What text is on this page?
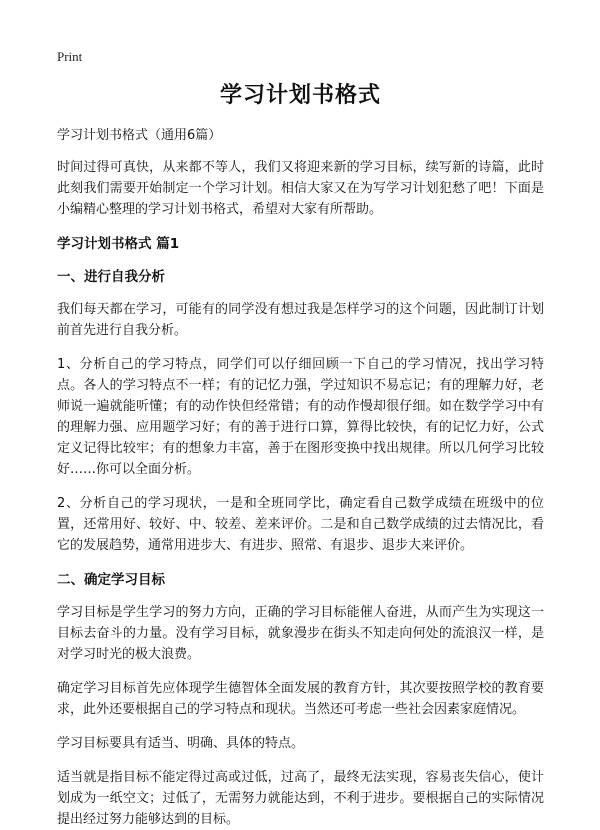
Print
学习计划书格式
学习计划书格式（通用6篇）

时间过得可真快，从来都不等人，我们又将迎来新的学习目标，续写新的诗篇，此时此刻我们需要开始制定一个学习计划。相信大家又在为写学习计划犯愁了吧！下面是小编精心整理的学习计划书格式，希望对大家有所帮助。

学习计划书格式 篇1
一、进行自我分析

我们每天都在学习，可能有的同学没有想过我是怎样学习的这个问题，因此制订计划前首先进行自我分析。

1、分析自己的学习特点，同学们可以仔细回顾一下自己的学习情况，找出学习特点。各人的学习特点不一样；有的记忆力强，学过知识不易忘记；有的理解力好，老师说一遍就能听懂；有的动作快但经常错；有的动作慢却很仔细。如在数学学习中有的理解力强、应用题学习好；有的善于进行口算，算得比较快，有的记忆力好，公式定义记得比较牢；有的想象力丰富，善于在图形变换中找出规律。所以几何学习比较好……你可以全面分析。

2、分析自己的学习现状，一是和全班同学比，确定看自己数学成绩在班级中的位置，还常用好、较好、中、较差、差来评价。二是和自己数学成绩的过去情况比，看它的发展趋势，通常用进步大、有进步、照常、有退步、退步大来评价。

二、确定学习目标

学习目标是学生学习的努力方向，正确的学习目标能催人奋进，从而产生为实现这一目标去奋斗的力量。没有学习目标，就象漫步在街头不知走向何处的流浪汉一样，是对学习时光的极大浪费。

确定学习目标首先应体现学生德智体全面发展的教育方针，其次要按照学校的教育要求，此外还要根据自己的学习特点和现状。当然还可考虑一些社会因素家庭情况。

学习目标要具有适当、明确、具体的特点。

适当就是指目标不能定得过高或过低，过高了，最终无法实现，容易丧失信心，使计划成为一纸空文；过低了，无需努力就能达到，不利于进步。要根据自己的实际情况提出经过努力能够达到的目标。
